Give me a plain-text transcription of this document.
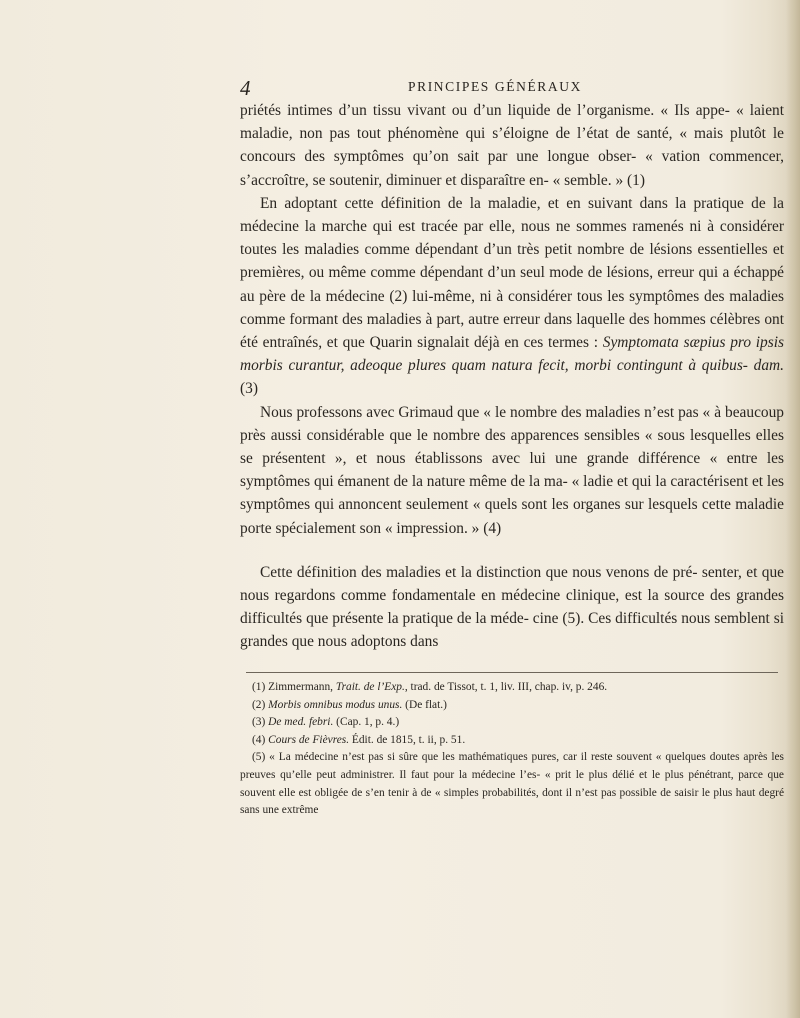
4	PRINCIPES GÉNÉRAUX

priétés intimes d’un tissu vivant ou d’un liquide de l’organisme. « Ils appe- « laient maladie, non pas tout phénomène qui s’éloigne de l’état de santé, « mais plutôt le concours des symptômes qu’on sait par une longue obser- « vation commencer, s’accroître, se soutenir, diminuer et disparaître en- « semble. » (1)

En adoptant cette définition de la maladie, et en suivant dans la pratique de la médecine la marche qui est tracée par elle, nous ne sommes ramenés ni à considérer toutes les maladies comme dépendant d’un très petit nombre de lésions essentielles et premières, ou même comme dépendant d’un seul mode de lésions, erreur qui a échappé au père de la médecine (2) lui-même, ni à considérer tous les symptômes des maladies comme formant des maladies à part, autre erreur dans laquelle des hommes célèbres ont été entraînés, et que Quarin signalait déjà en ces termes : Symptomata sæpius pro ipsis morbis curantur, adeoque plures quam natura fecit, morbi contingunt à quibus- dam. (3)

Nous professons avec Grimaud que « le nombre des maladies n’est pas « à beaucoup près aussi considérable que le nombre des apparences sensibles « sous lesquelles elles se présentent », et nous établissons avec lui une grande différence « entre les symptômes qui émanent de la nature même de la ma- « ladie et qui la caractérisent et les symptômes qui annoncent seulement « quels sont les organes sur lesquels cette maladie porte spécialement son « impression. » (4)

Cette définition des maladies et la distinction que nous venons de pré- senter, et que nous regardons comme fondamentale en médecine clinique, est la source des grandes difficultés que présente la pratique de la méde- cine (5). Ces difficultés nous semblent si grandes que nous adoptons dans

(1) Zimmermann, Trait. de l’Exp., trad. de Tissot, t. 1, liv. III, chap. iv, p. 246.

(2) Morbis omnibus modus unus. (De flat.)

(3) De med. febri. (Cap. 1, p. 4.)

(4) Cours de Fièvres. Édit. de 1815, t. ii, p. 51.

(5) « La médecine n’est pas si sûre que les mathématiques pures, car il reste souvent « quelques doutes après les preuves qu’elle peut administrer. Il faut pour la médecine l’es- « prit le plus délié et le plus pénétrant, parce que souvent elle est obligée de s’en tenir à de « simples probabilités, dont il n’est pas possible de saisir le plus haut degré sans une extrême
